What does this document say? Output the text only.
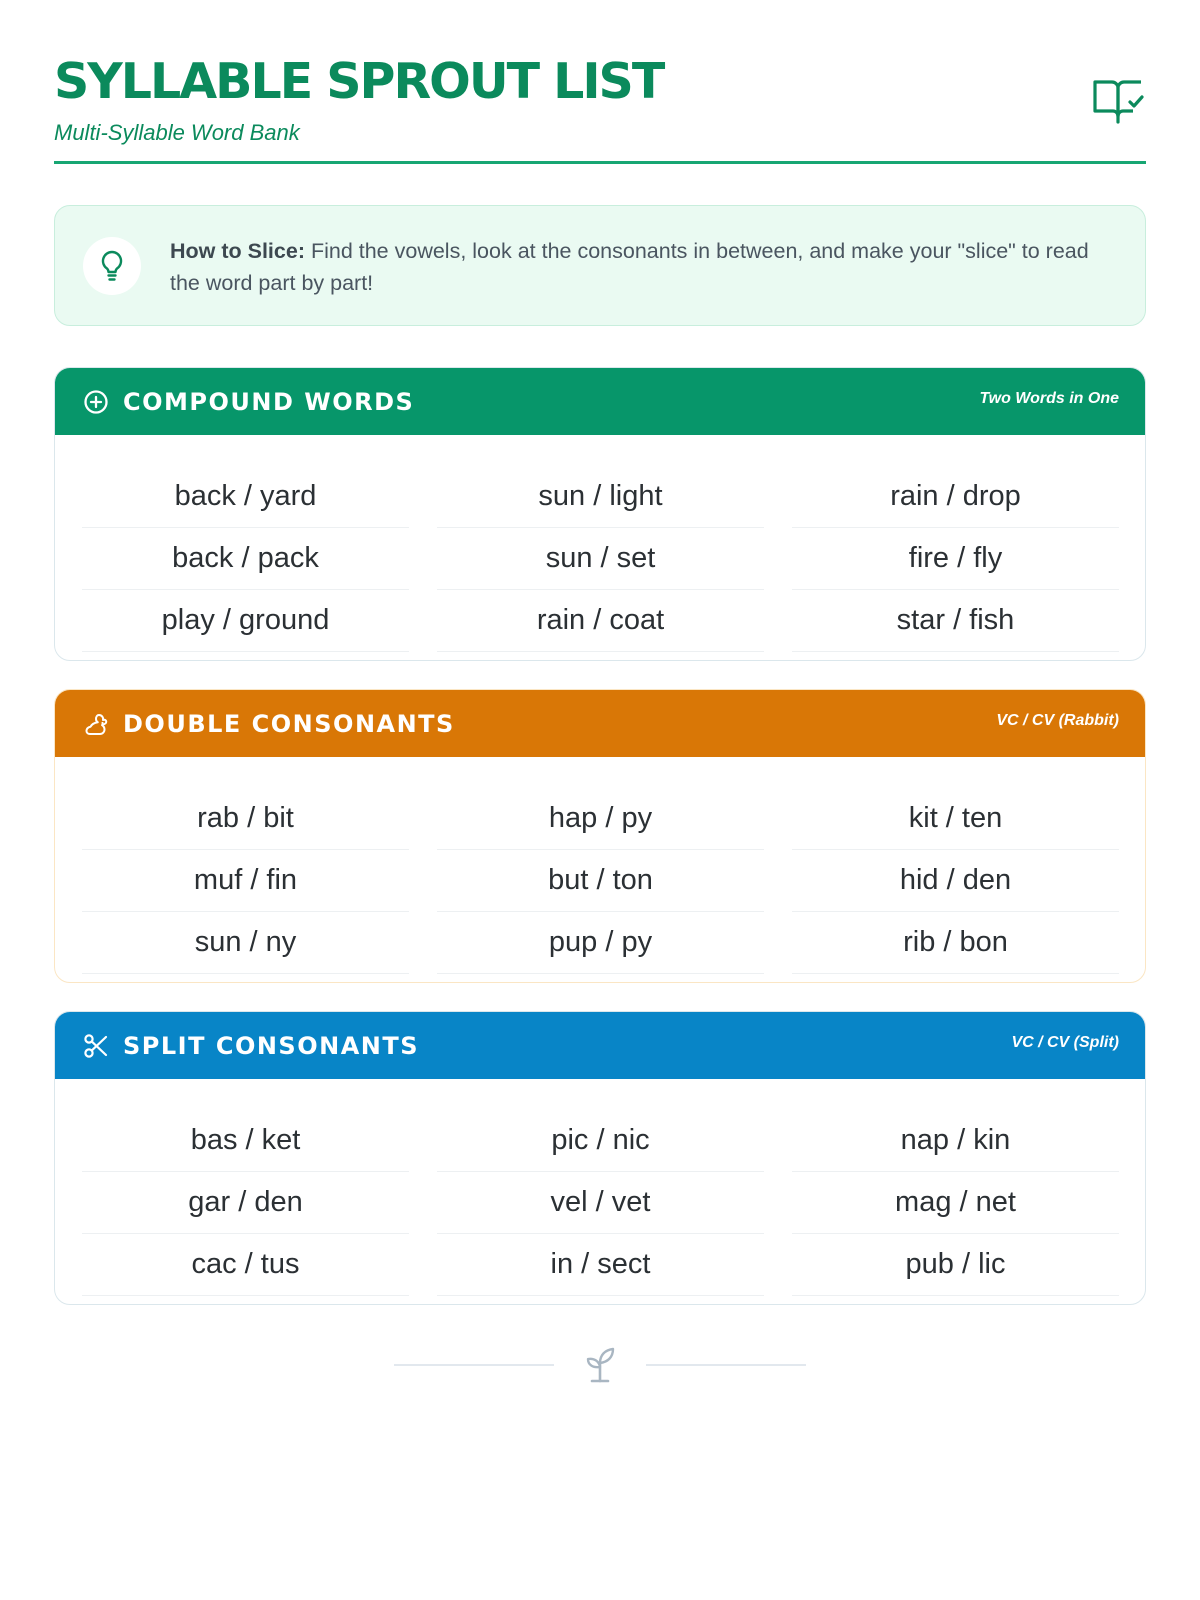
SYLLABLE SPROUT LIST
Multi-Syllable Word Bank
How to Slice: Find the vowels, look at the consonants in between, and make your "slice" to read the word part by part!
COMPOUND WORDS	Two Words in One
back / yard	sun / light	rain / drop
back / pack	sun / set	fire / fly
play / ground	rain / coat	star / fish
DOUBLE CONSONANTS	VC / CV (Rabbit)
rab / bit	hap / py	kit / ten
muf / fin	but / ton	hid / den
sun / ny	pup / py	rib / bon
SPLIT CONSONANTS	VC / CV (Split)
bas / ket	pic / nic	nap / kin
gar / den	vel / vet	mag / net
cac / tus	in / sect	pub / lic
